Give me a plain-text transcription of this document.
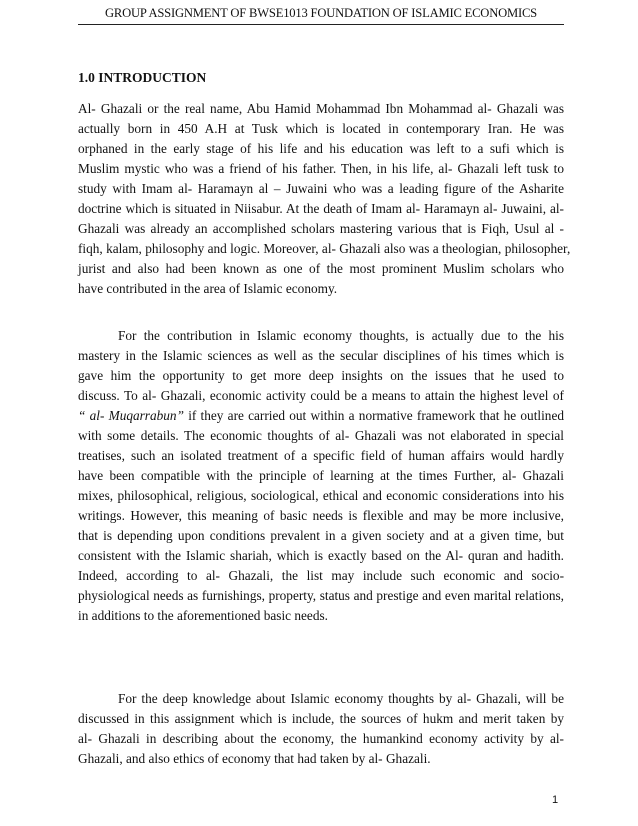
GROUP ASSIGNMENT OF BWSE1013 FOUNDATION OF ISLAMIC ECONOMICS
1.0 INTRODUCTION
Al- Ghazali or the real name, Abu Hamid Mohammad Ibn Mohammad al- Ghazali was
actually born in 450 A.H at Tusk which is located in contemporary Iran. He was
orphaned in the early stage of his life and his education was left to a sufi which is
Muslim mystic who was a friend of his father. Then, in his life, al- Ghazali left tusk to
study with Imam al- Haramayn al – Juwaini who was a leading figure of the Asharite
doctrine which is situated in Niisabur. At the death of Imam al- Haramayn al- Juwaini, al-
Ghazali was already an accomplished scholars mastering various that is Fiqh, Usul al -
fiqh, kalam, philosophy and logic. Moreover, al- Ghazali also was a theologian, philosopher,
jurist and also had been known as one of the most prominent Muslim scholars who
have contributed in the area of Islamic economy.
For the contribution in Islamic economy thoughts, is actually due to the his
mastery in the Islamic sciences as well as the secular disciplines of his times which is
gave him the opportunity to get more deep insights on the issues that he used to
discuss. To al- Ghazali, economic activity could be a means to attain the highest level of
“ al- Muqarrabun” if they are carried out within a normative framework that he outlined
with some details. The economic thoughts of al- Ghazali was not elaborated in special
treatises, such an isolated treatment of a specific field of human affairs would hardly
have been compatible with the principle of learning at the times Further, al- Ghazali
mixes, philosophical, religious, sociological, ethical and economic considerations into his
writings. However, this meaning of basic needs is flexible and may be more inclusive,
that is depending upon conditions prevalent in a given society and at a given time, but
consistent with the Islamic shariah, which is exactly based on the Al- quran and hadith.
Indeed, according to al- Ghazali, the list may include such economic and socio-
physiological needs as furnishings, property, status and prestige and even marital relations,
in additions to the aforementioned basic needs.
For the deep knowledge about Islamic economy thoughts by al- Ghazali, will be
discussed in this assignment which is include, the sources of hukm and merit taken by
al- Ghazali in describing about the economy, the humankind economy activity by al-
Ghazali, and also ethics of economy that had taken by al- Ghazali.
1
